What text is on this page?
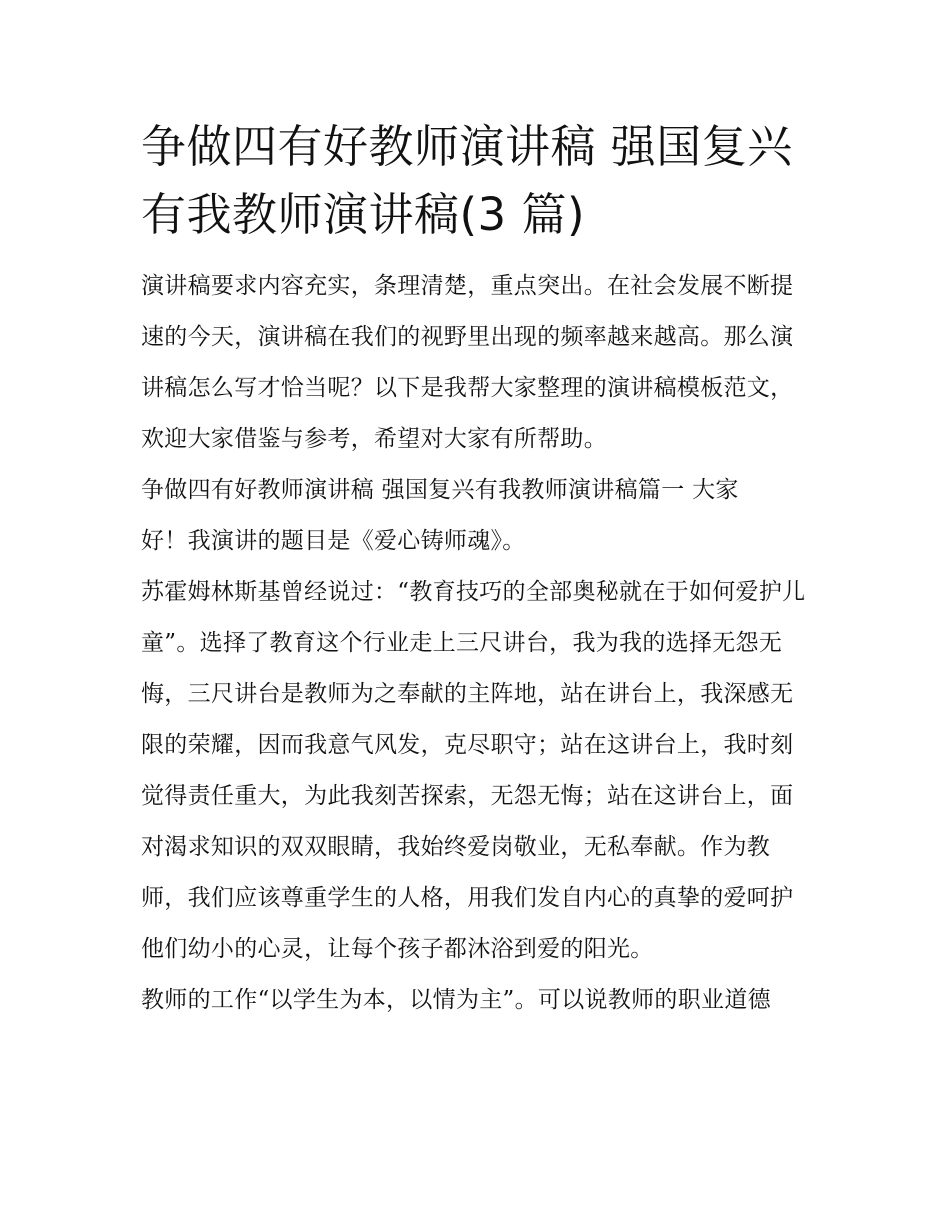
争做四有好教师演讲稿 强国复兴有我教师演讲稿(3 篇)

演讲稿要求内容充实，条理清楚，重点突出。在社会发展不断提速的今天，演讲稿在我们的视野里出现的频率越来越高。那么演讲稿怎么写才恰当呢？以下是我帮大家整理的演讲稿模板范文，欢迎大家借鉴与参考，希望对大家有所帮助。

争做四有好教师演讲稿 强国复兴有我教师演讲稿篇一 大家好！我演讲的题目是《爱心铸师魂》。

苏霍姆林斯基曾经说过：“教育技巧的全部奥秘就在于如何爱护儿童”。选择了教育这个行业走上三尺讲台，我为我的选择无怨无悔，三尺讲台是教师为之奉献的主阵地，站在讲台上，我深感无限的荣耀，因而我意气风发，克尽职守；站在这讲台上，我时刻觉得责任重大，为此我刻苦探索，无怨无悔；站在这讲台上，面对渴求知识的双双眼睛，我始终爱岗敬业，无私奉献。作为教师，我们应该尊重学生的人格，用我们发自内心的真挚的爱呵护他们幼小的心灵，让每个孩子都沐浴到爱的阳光。

教师的工作“以学生为本，以情为主”。可以说教师的职业道德
